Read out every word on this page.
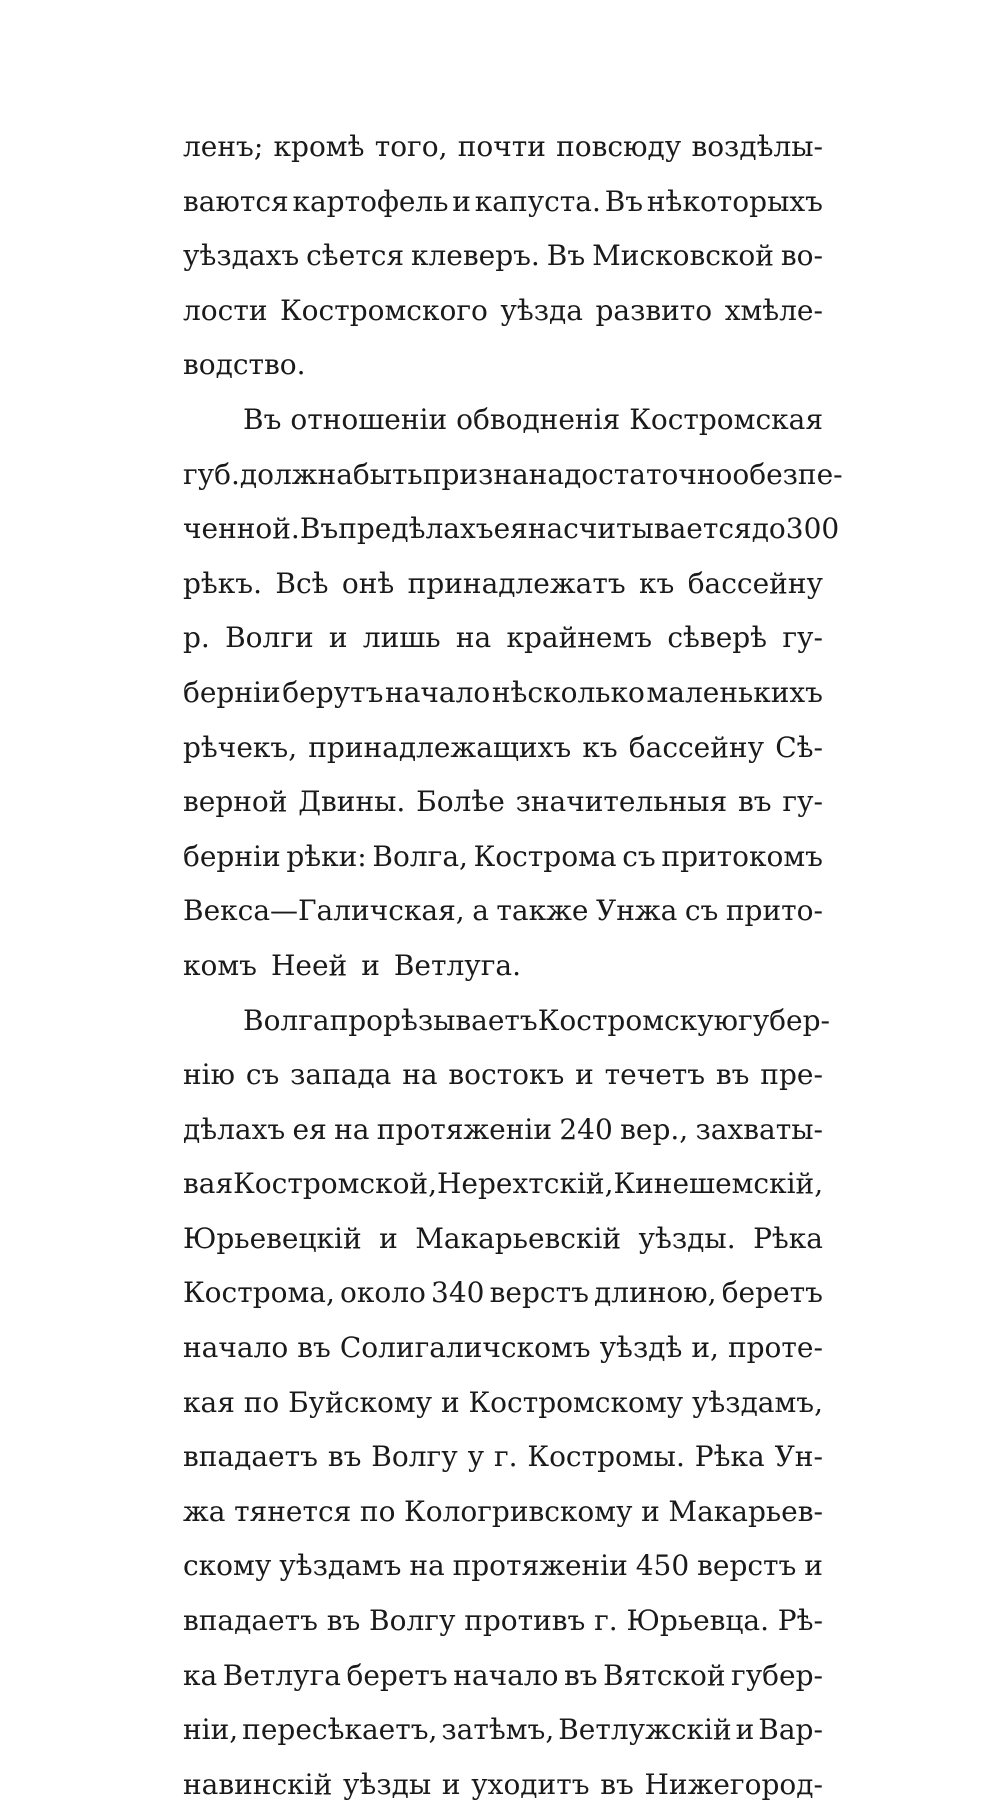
ленъ; кромѣ того, почти повсюду воздѣлы-
ваются картофель и капуста. Въ нѣкоторыхъ
уѣздахъ сѣется клеверъ. Въ Мисковской во-
лости Костромского уѣзда развито хмѣле-
водство.
Въ отношеніи обводненія Костромская
губ. должна быть признана достаточно обезпе-
ченной. Въ предѣлахъ ея насчитывается до 300
рѣкъ. Всѣ онѣ принадлежатъ къ бассейну
р. Волги и лишь на крайнемъ сѣверѣ гу-
берніи берутъ начало нѣсколько маленькихъ
рѣчекъ, принадлежащихъ къ бассейну Сѣ-
верной Двины. Болѣе значительныя въ гу-
берніи рѣки: Волга, Кострома съ притокомъ
Векса—Галичская, а также Унжа съ прито-
комъ Неей и Ветлуга.
Волга прорѣзываетъ Костромскую губер-
нію съ запада на востокъ и течетъ въ пре-
дѣлахъ ея на протяженіи 240 вер., захваты-
вая Костромской, Нерехтскій, Кинешемскій,
Юрьевецкій и Макарьевскій уѣзды. Рѣка
Кострома, около 340 верстъ длиною, беретъ
начало въ Солигаличскомъ уѣздѣ и, проте-
кая по Буйскому и Костромскому уѣздамъ,
впадаетъ въ Волгу у г. Костромы. Рѣка Ун-
жа тянется по Кологривскому и Макарьев-
скому уѣздамъ на протяженіи 450 верстъ и
впадаетъ въ Волгу противъ г. Юрьевца. Рѣ-
ка Ветлуга беретъ начало въ Вятской губер-
ніи, пересѣкаетъ, затѣмъ, Ветлужскій и Вар-
навинскій уѣзды и уходитъ въ Нижегород-
